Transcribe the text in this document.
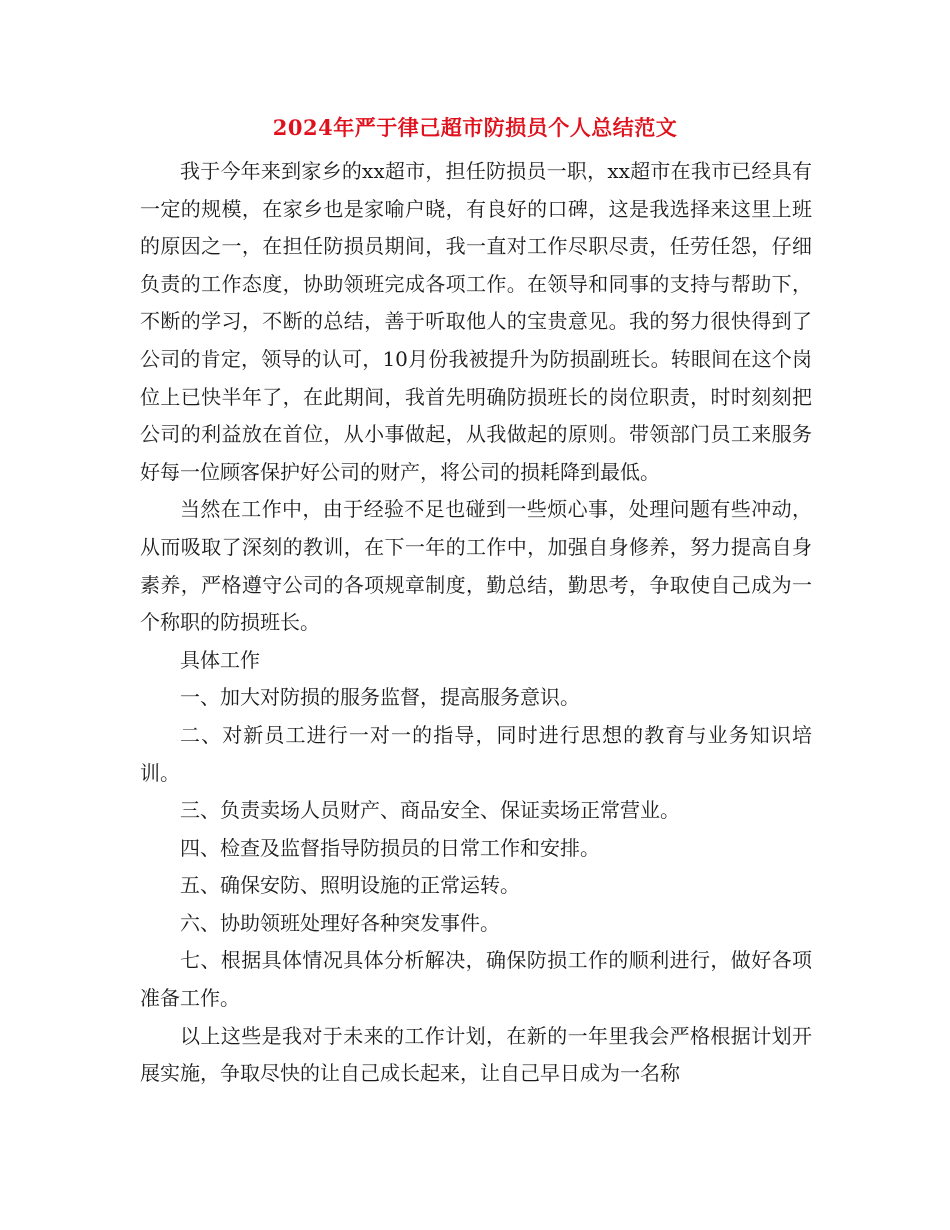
2024年严于律己超市防损员个人总结范文

我于今年来到家乡的xx超市，担任防损员一职，xx超市在我市已经具有一定的规模，在家乡也是家喻户晓，有良好的口碑，这是我选择来这里上班的原因之一，在担任防损员期间，我一直对工作尽职尽责，任劳任怨，仔细负责的工作态度，协助领班完成各项工作。在领导和同事的支持与帮助下，不断的学习，不断的总结，善于听取他人的宝贵意见。我的努力很快得到了公司的肯定，领导的认可，10月份我被提升为防损副班长。转眼间在这个岗位上已快半年了，在此期间，我首先明确防损班长的岗位职责，时时刻刻把公司的利益放在首位，从小事做起，从我做起的原则。带领部门员工来服务好每一位顾客保护好公司的财产，将公司的损耗降到最低。

当然在工作中，由于经验不足也碰到一些烦心事，处理问题有些冲动，从而吸取了深刻的教训，在下一年的工作中，加强自身修养，努力提高自身素养，严格遵守公司的各项规章制度，勤总结，勤思考，争取使自己成为一个称职的防损班长。

具体工作

一、加大对防损的服务监督，提高服务意识。

二、对新员工进行一对一的指导，同时进行思想的教育与业务知识培训。

三、负责卖场人员财产、商品安全、保证卖场正常营业。

四、检查及监督指导防损员的日常工作和安排。

五、确保安防、照明设施的正常运转。

六、协助领班处理好各种突发事件。

七、根据具体情况具体分析解决，确保防损工作的顺利进行，做好各项准备工作。

以上这些是我对于未来的工作计划，在新的一年里我会严格根据计划开展实施，争取尽快的让自己成长起来，让自己早日成为一名称
